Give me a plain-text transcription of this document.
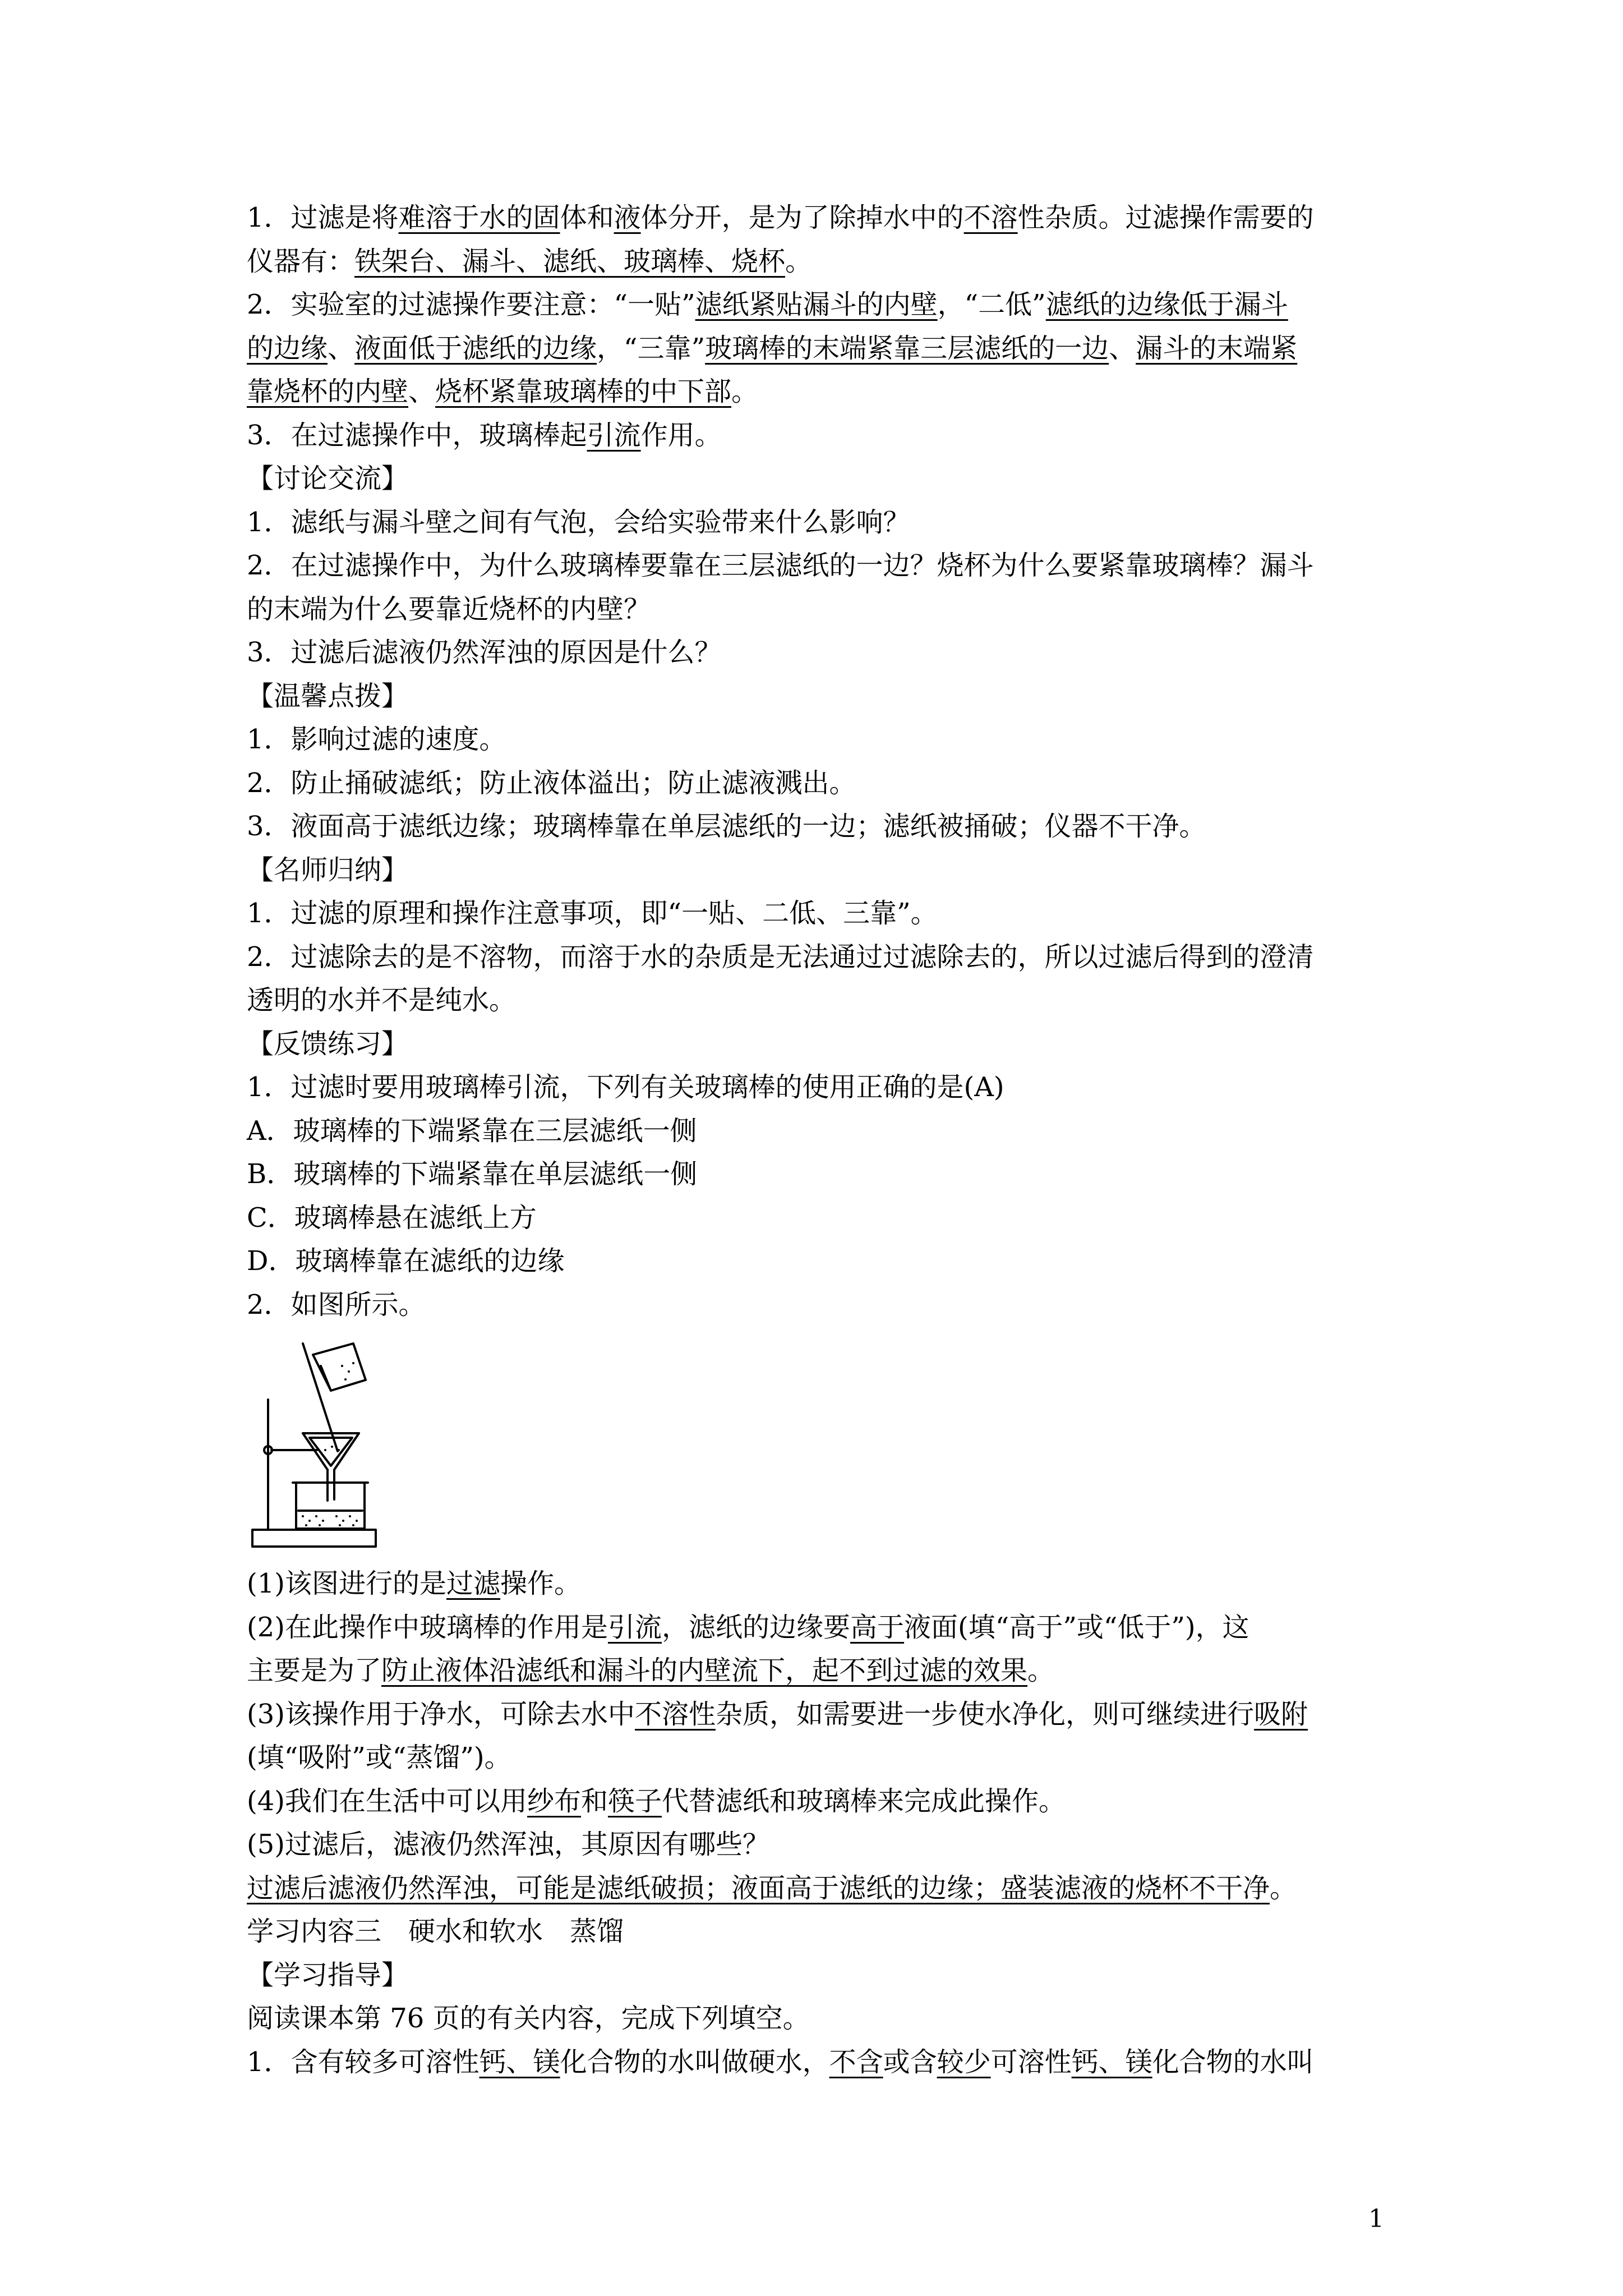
1．过滤是将难溶于水的固体和液体分开，是为了除掉水中的不溶性杂质。过滤操作需要的

仪器有：铁架台、漏斗、滤纸、玻璃棒、烧杯。

2．实验室的过滤操作要注意：“一贴”滤纸紧贴漏斗的内壁，“二低”滤纸的边缘低于漏斗

的边缘、液面低于滤纸的边缘，“三靠”玻璃棒的末端紧靠三层滤纸的一边、漏斗的末端紧

靠烧杯的内壁、烧杯紧靠玻璃棒的中下部。

3．在过滤操作中，玻璃棒起引流作用。

【讨论交流】

1．滤纸与漏斗壁之间有气泡，会给实验带来什么影响？

2．在过滤操作中，为什么玻璃棒要靠在三层滤纸的一边？烧杯为什么要紧靠玻璃棒？漏斗

的末端为什么要靠近烧杯的内壁？

3．过滤后滤液仍然浑浊的原因是什么？

【温馨点拨】

1．影响过滤的速度。

2．防止捅破滤纸；防止液体溢出；防止滤液溅出。

3．液面高于滤纸边缘；玻璃棒靠在单层滤纸的一边；滤纸被捅破；仪器不干净。

【名师归纳】

1．过滤的原理和操作注意事项，即“一贴、二低、三靠”。

2．过滤除去的是不溶物，而溶于水的杂质是无法通过过滤除去的，所以过滤后得到的澄清

透明的水并不是纯水。

【反馈练习】

1．过滤时要用玻璃棒引流，下列有关玻璃棒的使用正确的是(A)

A．玻璃棒的下端紧靠在三层滤纸一侧

B．玻璃棒的下端紧靠在单层滤纸一侧

C．玻璃棒悬在滤纸上方

D．玻璃棒靠在滤纸的边缘

2．如图所示。

(1)该图进行的是过滤操作。

(2)在此操作中玻璃棒的作用是引流，滤纸的边缘要高于液面(填“高于”或“低于”)，这

主要是为了防止液体沿滤纸和漏斗的内壁流下，起不到过滤的效果。

(3)该操作用于净水，可除去水中不溶性杂质，如需要进一步使水净化，则可继续进行吸附

(填“吸附”或“蒸馏”)。

(4)我们在生活中可以用纱布和筷子代替滤纸和玻璃棒来完成此操作。

(5)过滤后，滤液仍然浑浊，其原因有哪些？

过滤后滤液仍然浑浊，可能是滤纸破损；液面高于滤纸的边缘；盛装滤液的烧杯不干净。

学习内容三　硬水和软水　蒸馏

【学习指导】

阅读课本第 76 页的有关内容，完成下列填空。

1．含有较多可溶性钙、镁化合物的水叫做硬水，不含或含较少可溶性钙、镁化合物的水叫

1
